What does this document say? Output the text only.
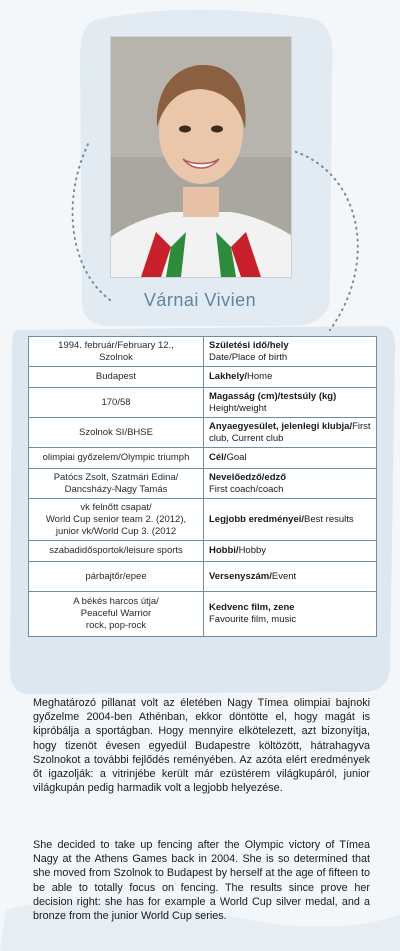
Várnai Vivien
1994. február/February 12.,
Szolnok	Születési idő/hely
Date/Place of birth
Budapest	Lakhely/Home
170/58	Magasság (cm)/testsúly (kg)
Height/weight
Szolnok SI/BHSE	Anyaegyesület, jelenlegi klubja/First club, Current club
olimpiai győzelem/Olympic triumph	Cél/Goal
Patócs Zsolt, Szatmári Edina/
Dancsházy-Nagy Tamás	Nevelőedző/edző
First coach/coach
vk felnőtt csapat/
World Cup senior team 2. (2012),
junior vk/World Cup 3. (2012	Legjobb eredményei/Best results
szabadidősportok/leisure sports	Hobbi/Hobby
párbajtőr/epee	Versenyszám/Event
A békés harcos útja/
Peaceful Warrior
rock, pop-rock	Kedvenc film, zene
Favourite film, music

Meghatározó pillanat volt az életében Nagy Tímea olimpiai bajnoki győzelme 2004-ben Athénban, ekkor döntötte el, hogy magát is kipróbálja a sportágban. Hogy mennyire elkötelezett, azt bizonyítja, hogy tizenöt évesen egyedül Budapestre költözött, hátrahagyva Szolnokot a további fejlődés reményében. Az azóta elért eredmények őt igazolják: a vitrinjébe került már ezüstérem világkupáról, junior világkupán pedig harmadik volt a legjobb helyezése.

She decided to take up fencing after the Olympic victory of Tímea Nagy at the Athens Games back in 2004. She is so determined that she moved from Szolnok to Budapest by herself at the age of fifteen to be able to totally focus on fencing. The results since prove her decision right: she has for example a World Cup silver medal, and a bronze from the junior World Cup series.
